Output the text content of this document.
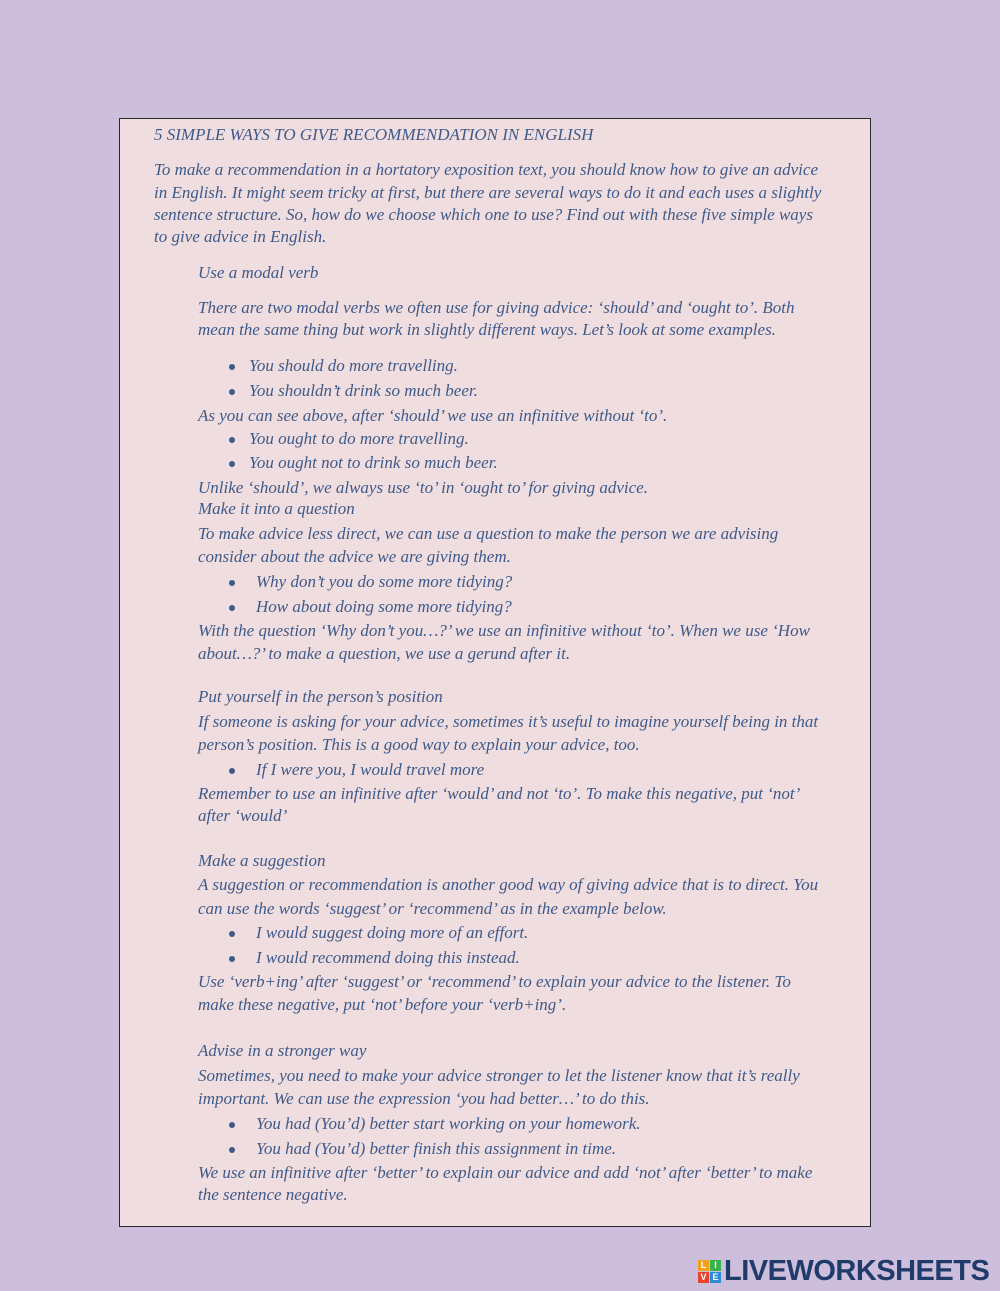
5 SIMPLE WAYS TO GIVE RECOMMENDATION IN ENGLISH

To make a recommendation in a hortatory exposition text, you should know how to give an advice

in English. It might seem tricky at first, but there are several ways to do it and each uses a slightly

sentence structure. So, how do we choose which one to use? Find out with these five simple ways

to give advice in English.

Use a modal verb

There are two modal verbs we often use for giving advice: ‘should’ and ‘ought to’. Both

mean the same thing but work in slightly different ways. Let’s look at some examples.

You should do more travelling.

You shouldn’t drink so much beer.

As you can see above, after ‘should’ we use an infinitive without ‘to’.

You ought to do more travelling.

You ought not to drink so much beer.

Unlike ‘should’, we always use ‘to’ in ‘ought to’ for giving advice.

Make it into a question

To make advice less direct, we can use a question to make the person we are advising

consider about the advice we are giving them.

Why don’t you do some more tidying?

How about doing some more tidying?

With the question ‘Why don’t you…?’ we use an infinitive without ‘to’. When we use ‘How

about…?’ to make a question, we use a gerund after it.

Put yourself in the person’s position

If someone is asking for your advice, sometimes it’s useful to imagine yourself being in that

person’s position. This is a good way to explain your advice, too.

If I were you, I would travel more

Remember to use an infinitive after ‘would’ and not ‘to’. To make this negative, put ‘not’

after ‘would’

Make a suggestion

A suggestion or recommendation is another good way of giving advice that is to direct. You

can use the words ‘suggest’ or ‘recommend’ as in the example below.

I would suggest doing more of an effort.

I would recommend doing this instead.

Use ‘verb+ing’ after ‘suggest’ or ‘recommend’ to explain your advice to the listener. To

make these negative, put ‘not’ before your ‘verb+ing’.

Advise in a stronger way

Sometimes, you need to make your advice stronger to let the listener know that it’s really

important. We can use the expression ‘you had better…’ to do this.

You had (You’d) better start working on your homework.

You had (You’d) better finish this assignment in time.

We use an infinitive after ‘better’ to explain our advice and add ‘not’ after ‘better’ to make

the sentence negative.

L I
V E LIVEWORKSHEETS
